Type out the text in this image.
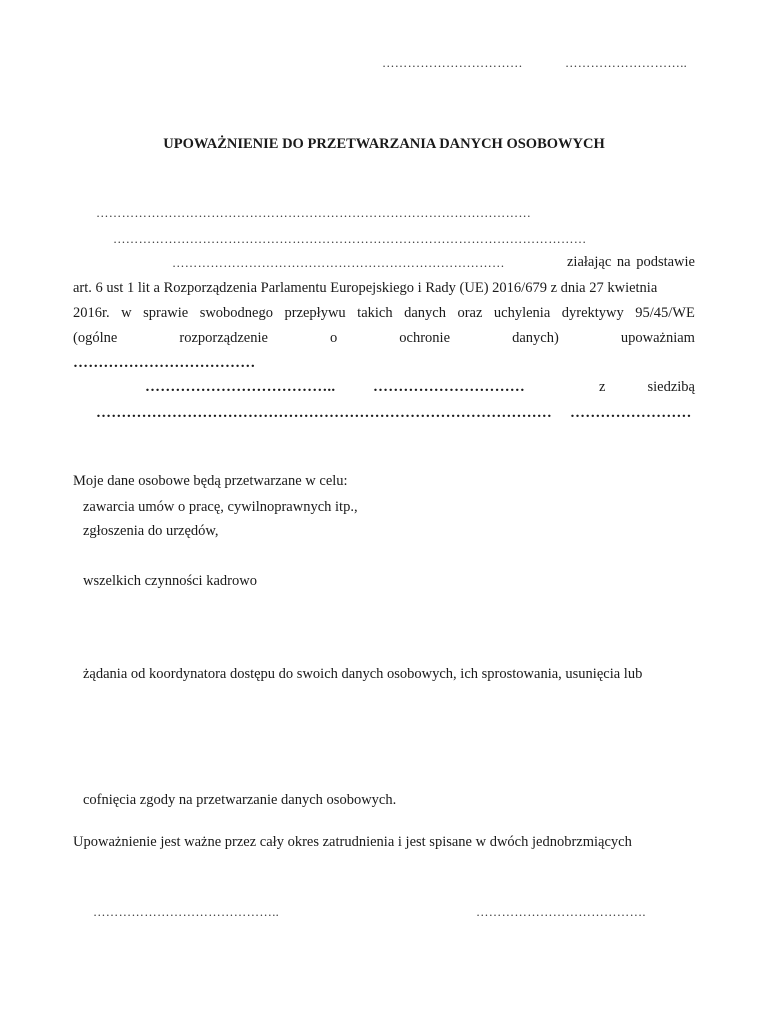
……………………………	………………………..
UPOWAŻNIENIE DO PRZETWARZANIA DANYCH OSOBOWYCH
…………………………………………………………………………………………
…………………………………………………………………………………………………
……………………………………………………………………	ziałając na podstawie
art. 6 ust 1 lit a Rozporządzenia Parlamentu Europejskiego i Rady (UE) 2016/679 z dnia 27 kwietnia
2016r. w sprawie swobodnego przepływu takich danych oraz uchylenia dyrektywy 95/45/WE
(ogólne	rozporządzenie	o	ochronie	danych)	upoważniam
………………………………
………………………………..	…………………………	z	siedzibą
……………………………………………………………………………… ……………………
Moje dane osobowe będą przetwarzane w celu:
zawarcia umów o pracę, cywilnoprawnych itp.,
zgłoszenia do urzędów,
wszelkich czynności kadrowo
żądania od koordynatora dostępu do swoich danych osobowych, ich sprostowania, usunięcia lub
cofnięcia zgody na przetwarzanie danych osobowych.
Upoważnienie jest ważne przez cały okres zatrudnienia i jest spisane w dwóch jednobrzmiących
……………………………………..	………………………………….
